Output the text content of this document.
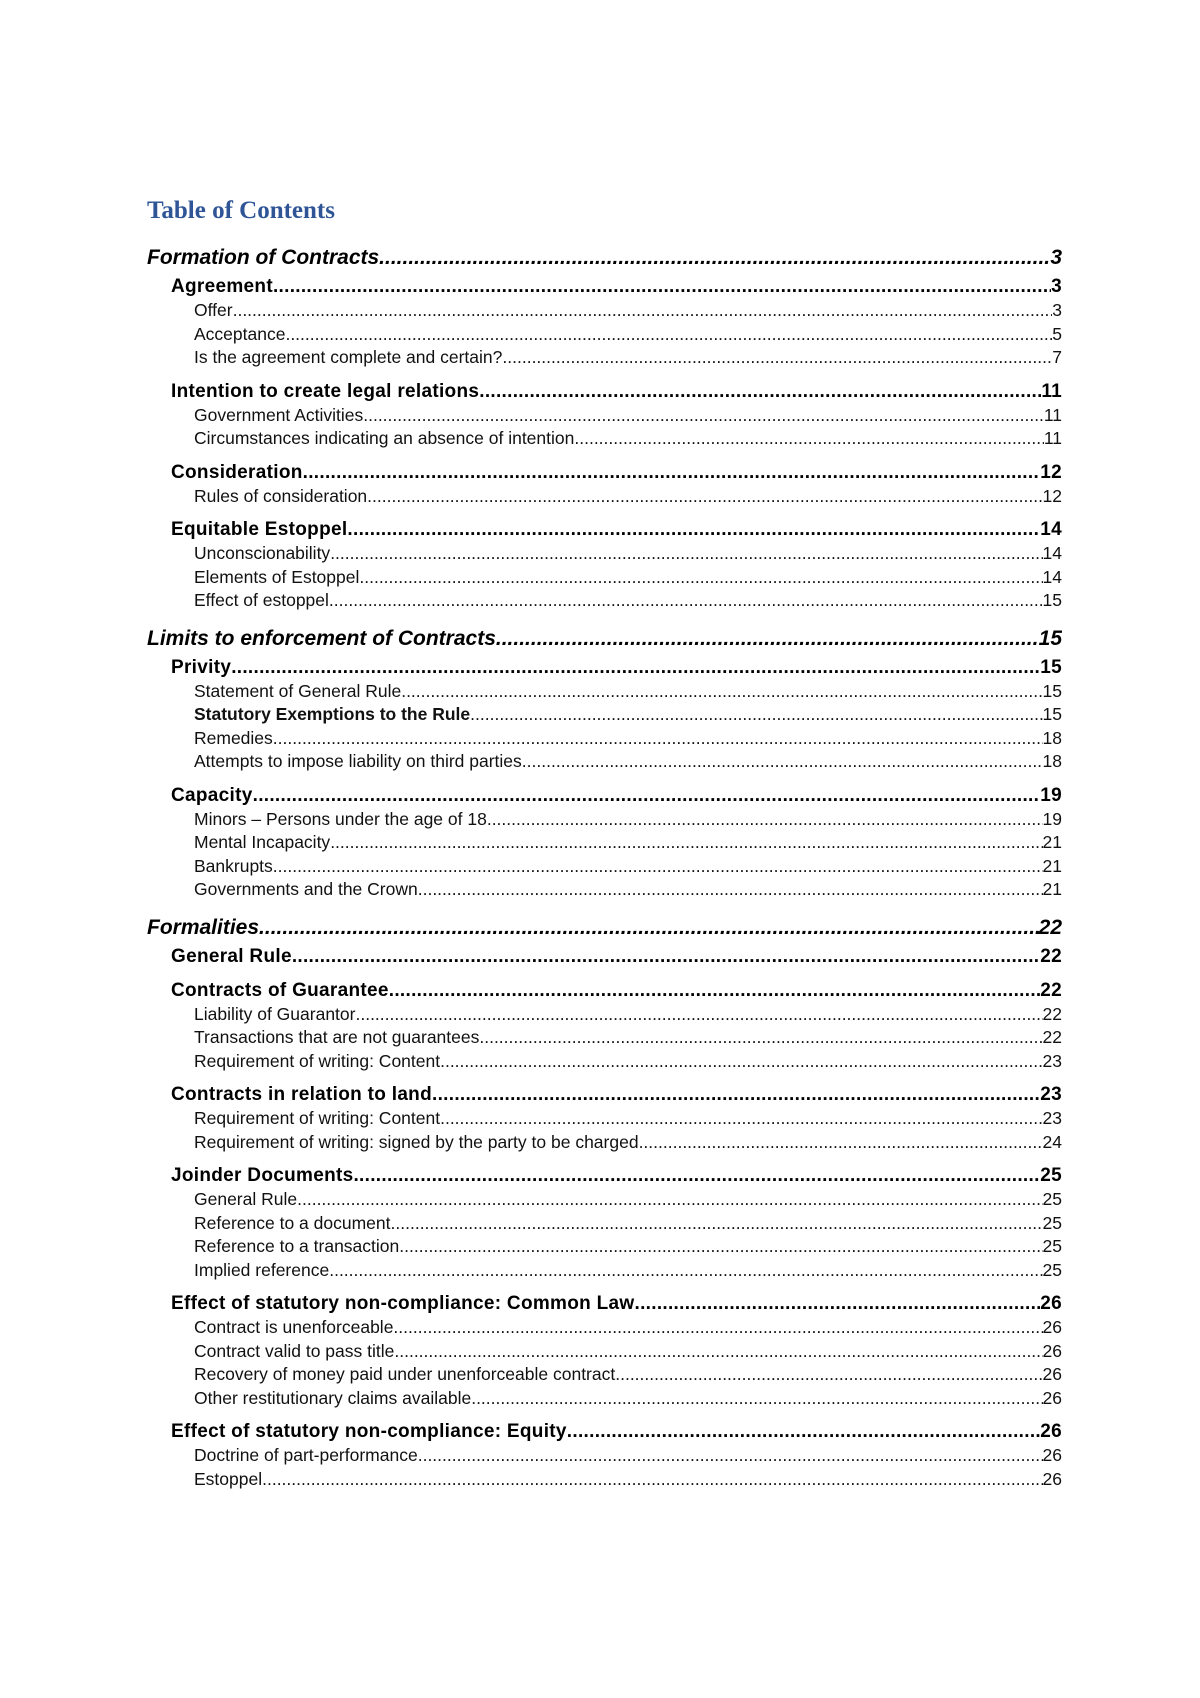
Table of Contents
Formation of Contracts .....	3
Agreement .....	3
Offer .....	3
Acceptance .....	5
Is the agreement complete and certain? .....	7
Intention to create legal relations .....	11
Government Activities .....	11
Circumstances indicating an absence of intention .....	11
Consideration .....	12
Rules of consideration .....	12
Equitable Estoppel .....	14
Unconscionability .....	14
Elements of Estoppel .....	14
Effect of estoppel .....	15
Limits to enforcement of Contracts .....	15
Privity .....	15
Statement of General Rule .....	15
Statutory Exemptions to the Rule .....	15
Remedies .....	18
Attempts to impose liability on third parties .....	18
Capacity .....	19
Minors – Persons under the age of 18 .....	19
Mental Incapacity .....	21
Bankrupts .....	21
Governments and the Crown .....	21
Formalities .....	22
General Rule .....	22
Contracts of Guarantee .....	22
Liability of Guarantor .....	22
Transactions that are not guarantees .....	22
Requirement of writing: Content .....	23
Contracts in relation to land .....	23
Requirement of writing: Content .....	23
Requirement of writing: signed by the party to be charged .....	24
Joinder Documents .....	25
General Rule .....	25
Reference to a document .....	25
Reference to a transaction .....	25
Implied reference .....	25
Effect of statutory non-compliance: Common Law .....	26
Contract is unenforceable .....	26
Contract valid to pass title .....	26
Recovery of money paid under unenforceable contract .....	26
Other restitutionary claims available .....	26
Effect of statutory non-compliance: Equity .....	26
Doctrine of part-performance .....	26
Estoppel .....	26
